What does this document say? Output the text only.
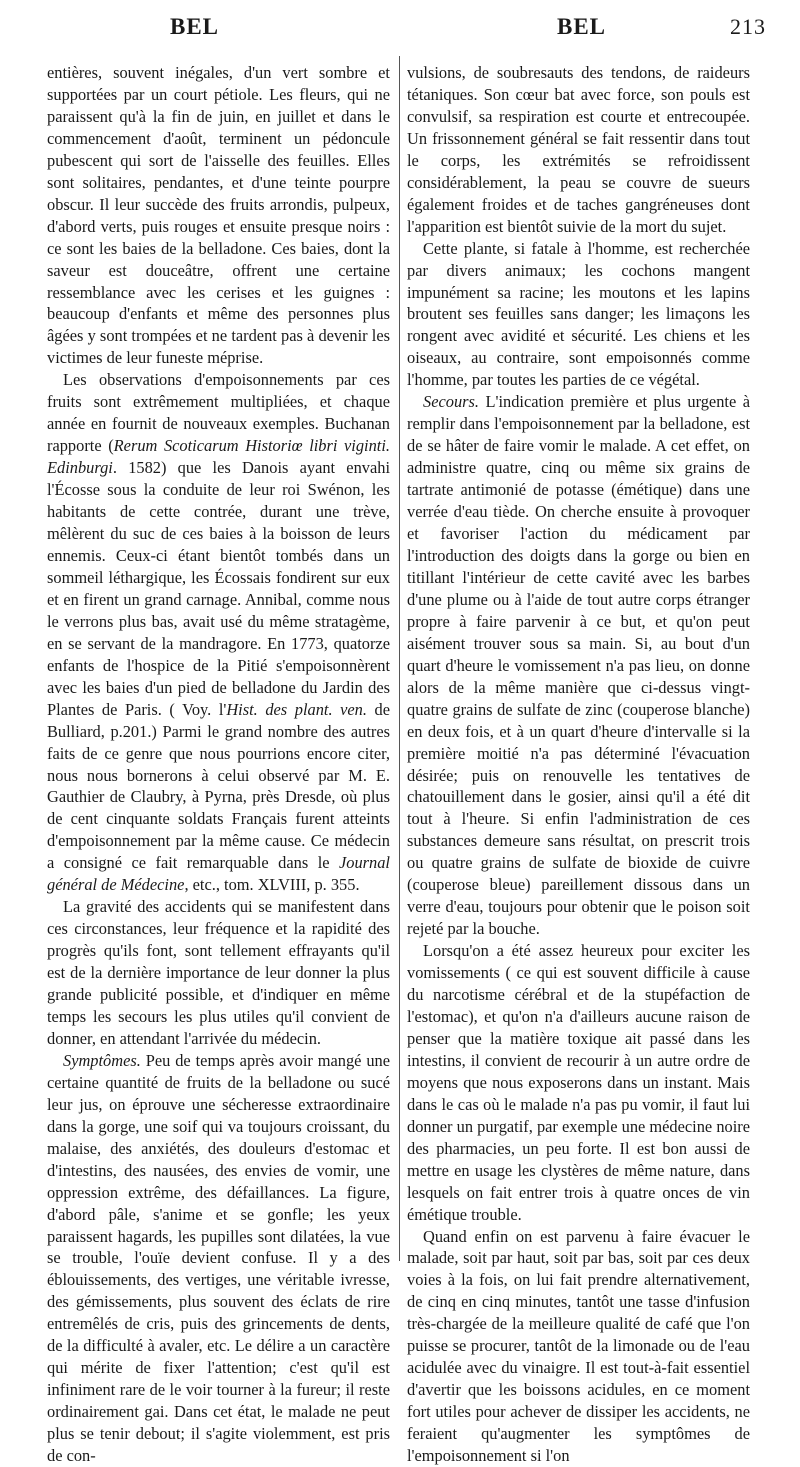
BEL	BEL	213

entières, souvent inégales, d'un vert sombre et supportées par un court pétiole. Les fleurs, qui ne paraissent qu'à la fin de juin, en juillet et dans le commencement d'août, terminent un pédoncule pubescent qui sort de l'aisselle des feuilles. Elles sont solitaires, pendantes, et d'une teinte pourpre obscur. Il leur succède des fruits arrondis, pulpeux, d'abord verts, puis rouges et ensuite presque noirs : ce sont les baies de la belladone. Ces baies, dont la saveur est douceâtre, offrent une certaine ressemblance avec les cerises et les guignes : beaucoup d'enfants et même des personnes plus âgées y sont trompées et ne tardent pas à devenir les victimes de leur funeste méprise.

Les observations d'empoisonnements par ces fruits sont extrêmement multipliées, et chaque année en fournit de nouveaux exemples. Buchanan rapporte (Rerum Scoticarum Historiœ libri viginti. Edinburgi. 1582) que les Danois ayant envahi l'Écosse sous la conduite de leur roi Swénon, les habitants de cette contrée, durant une trève, mêlèrent du suc de ces baies à la boisson de leurs ennemis. Ceux-ci étant bientôt tombés dans un sommeil léthargique, les Écossais fondirent sur eux et en firent un grand carnage. Annibal, comme nous le verrons plus bas, avait usé du même stratagème, en se servant de la mandragore. En 1773, quatorze enfants de l'hospice de la Pitié s'empoisonnèrent avec les baies d'un pied de belladone du Jardin des Plantes de Paris. ( Voy. l'Hist. des plant. ven. de Bulliard, p.201.) Parmi le grand nombre des autres faits de ce genre que nous pourrions encore citer, nous nous bornerons à celui observé par M. E. Gauthier de Claubry, à Pyrna, près Dresde, où plus de cent cinquante soldats Français furent atteints d'empoisonnement par la même cause. Ce médecin a consigné ce fait remarquable dans le Journal général de Médecine, etc., tom. XLVIII, p. 355.

La gravité des accidents qui se manifestent dans ces circonstances, leur fréquence et la rapidité des progrès qu'ils font, sont tellement effrayants qu'il est de la dernière importance de leur donner la plus grande publicité possible, et d'indiquer en même temps les secours les plus utiles qu'il convient de donner, en attendant l'arrivée du médecin.

Symptômes. Peu de temps après avoir mangé une certaine quantité de fruits de la belladone ou sucé leur jus, on éprouve une sécheresse extraordinaire dans la gorge, une soif qui va toujours croissant, du malaise, des anxiétés, des douleurs d'estomac et d'intestins, des nausées, des envies de vomir, une oppression extrême, des défaillances. La figure, d'abord pâle, s'anime et se gonfle; les yeux paraissent hagards, les pupilles sont dilatées, la vue se trouble, l'ouïe devient confuse. Il y a des éblouissements, des vertiges, une véritable ivresse, des gémissements, plus souvent des éclats de rire entremêlés de cris, puis des grincements de dents, de la difficulté à avaler, etc. Le délire a un caractère qui mérite de fixer l'attention; c'est qu'il est infiniment rare de le voir tourner à la fureur; il reste ordinairement gai. Dans cet état, le malade ne peut plus se tenir debout; il s'agite violemment, est pris de con-

vulsions, de soubresauts des tendons, de raideurs tétaniques. Son cœur bat avec force, son pouls est convulsif, sa respiration est courte et entrecoupée. Un frissonnement général se fait ressentir dans tout le corps, les extrémités se refroidissent considérablement, la peau se couvre de sueurs également froides et de taches gangréneuses dont l'apparition est bientôt suivie de la mort du sujet.

Cette plante, si fatale à l'homme, est recherchée par divers animaux; les cochons mangent impunément sa racine; les moutons et les lapins broutent ses feuilles sans danger; les limaçons les rongent avec avidité et sécurité. Les chiens et les oiseaux, au contraire, sont empoisonnés comme l'homme, par toutes les parties de ce végétal.

Secours. L'indication première et plus urgente à remplir dans l'empoisonnement par la belladone, est de se hâter de faire vomir le malade. A cet effet, on administre quatre, cinq ou même six grains de tartrate antimonié de potasse (émétique) dans une verrée d'eau tiède. On cherche ensuite à provoquer et favoriser l'action du médicament par l'introduction des doigts dans la gorge ou bien en titillant l'intérieur de cette cavité avec les barbes d'une plume ou à l'aide de tout autre corps étranger propre à faire parvenir à ce but, et qu'on peut aisément trouver sous sa main. Si, au bout d'un quart d'heure le vomissement n'a pas lieu, on donne alors de la même manière que ci-dessus vingt-quatre grains de sulfate de zinc (couperose blanche) en deux fois, et à un quart d'heure d'intervalle si la première moitié n'a pas déterminé l'évacuation désirée; puis on renouvelle les tentatives de chatouillement dans le gosier, ainsi qu'il a été dit tout à l'heure. Si enfin l'administration de ces substances demeure sans résultat, on prescrit trois ou quatre grains de sulfate de bioxide de cuivre (couperose bleue) pareillement dissous dans un verre d'eau, toujours pour obtenir que le poison soit rejeté par la bouche.

Lorsqu'on a été assez heureux pour exciter les vomissements ( ce qui est souvent difficile à cause du narcotisme cérébral et de la stupéfaction de l'estomac), et qu'on n'a d'ailleurs aucune raison de penser que la matière toxique ait passé dans les intestins, il convient de recourir à un autre ordre de moyens que nous exposerons dans un instant. Mais dans le cas où le malade n'a pas pu vomir, il faut lui donner un purgatif, par exemple une médecine noire des pharmacies, un peu forte. Il est bon aussi de mettre en usage les clystères de même nature, dans lesquels on fait entrer trois à quatre onces de vin émétique trouble.

Quand enfin on est parvenu à faire évacuer le malade, soit par haut, soit par bas, soit par ces deux voies à la fois, on lui fait prendre alternativement, de cinq en cinq minutes, tantôt une tasse d'infusion très-chargée de la meilleure qualité de café que l'on puisse se procurer, tantôt de la limonade ou de l'eau acidulée avec du vinaigre. Il est tout-à-fait essentiel d'avertir que les boissons acidules, en ce moment fort utiles pour achever de dissiper les accidents, ne feraient qu'augmenter les symptômes de l'empoisonnement si l'on
